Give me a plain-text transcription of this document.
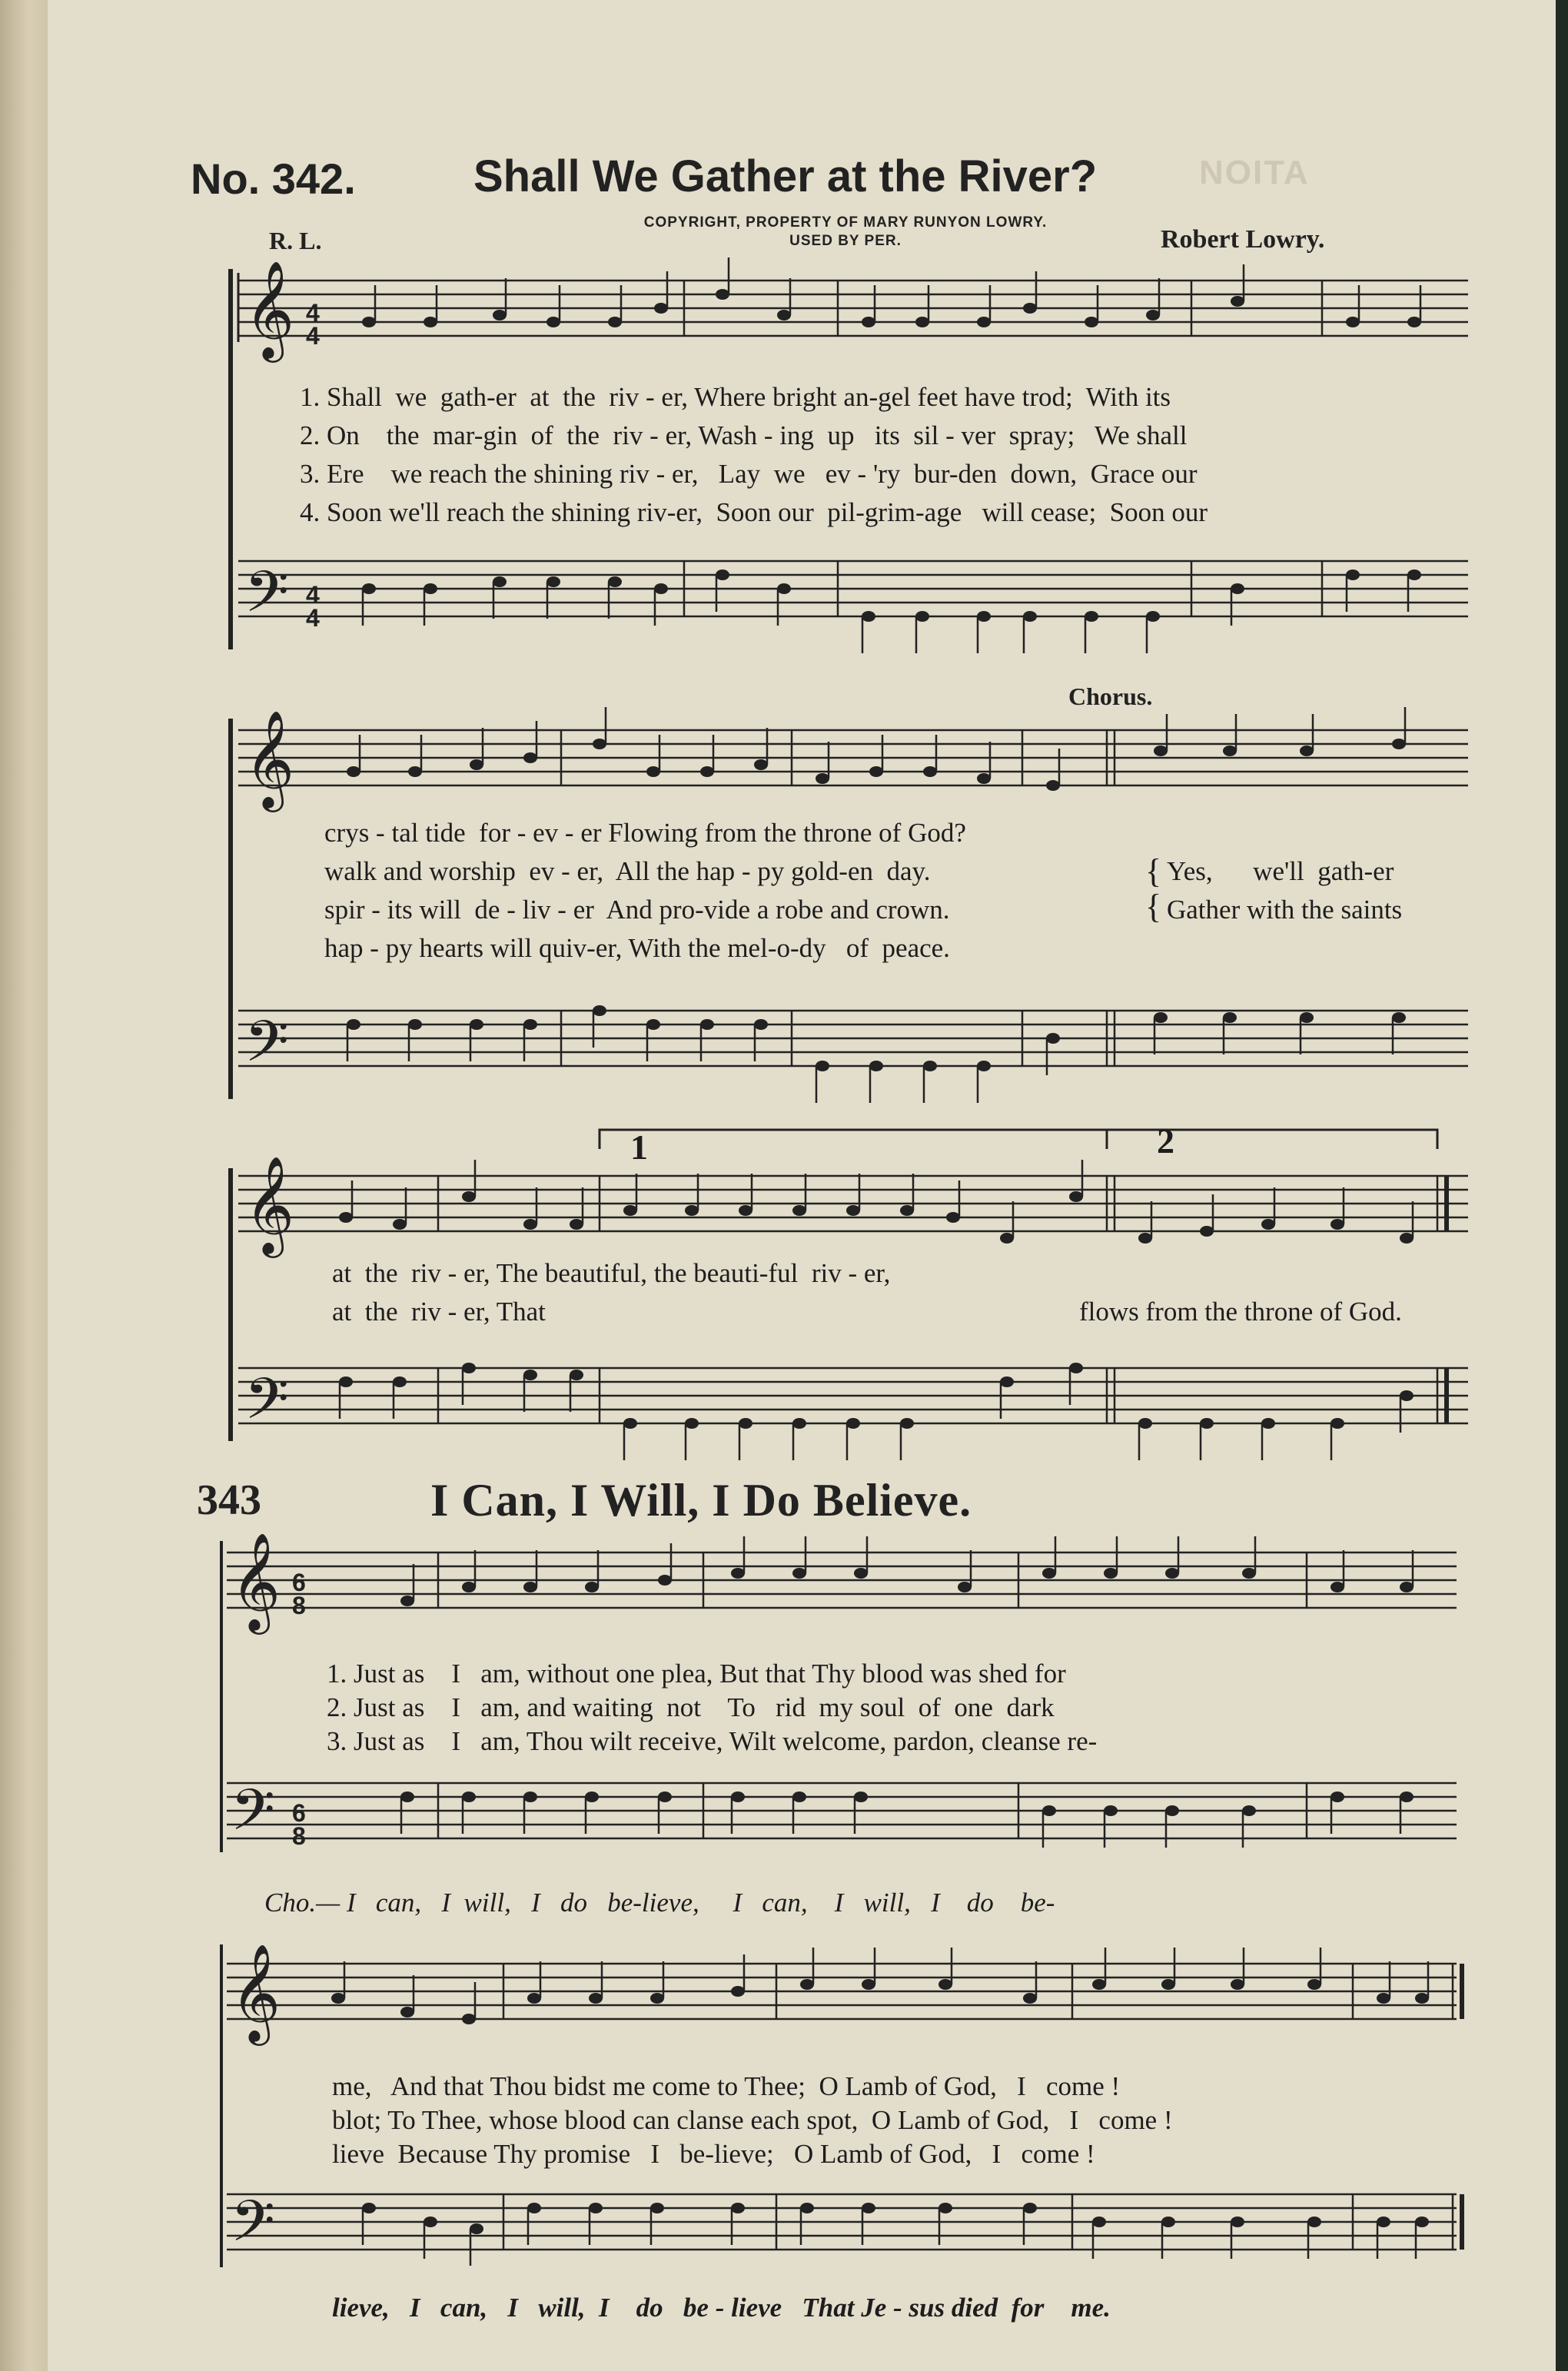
NOITA
No. 342.	Shall We Gather at the River?
COPYRIGHT, PROPERTY OF MARY RUNYON LOWRY.
USED BY PER.
R. L.	Robert Lowry.
𝄞
𝄢
4
4
4
4
𝄞
𝄢
𝄞
𝄢
𝄞
𝄢
6
8
6
8
𝄞
𝄢
1. Shall  we  gath-er  at  the  riv - er, Where bright an-gel feet have trod;  With its
2. On    the  mar-gin  of  the  riv - er, Wash - ing  up   its  sil - ver  spray;   We shall
3. Ere    we reach the shining riv - er,   Lay  we   ev - 'ry  bur-den  down,  Grace our
4. Soon we'll reach the shining riv-er,  Soon our  pil-grim-age   will cease;  Soon our
Chorus.
crys - tal tide  for - ev - er Flowing from the throne of God?
walk and worship  ev - er,  All the hap - py gold-en  day.
spir - its will  de - liv - er  And pro-vide a robe and crown.
hap - py hearts will quiv-er, With the mel-o-dy   of  peace.
{
{
Yes,      we'll  gath-er
Gather with the saints
1	2
at  the  riv - er, The beautiful, the beauti-ful  riv - er,
at  the  riv - er, That	flows from the throne of God.
343	I Can, I Will, I Do Believe.
1. Just as    I   am, without one plea, But that Thy blood was shed for
2. Just as    I   am, and waiting  not    To   rid  my soul  of  one  dark
3. Just as    I   am, Thou wilt receive, Wilt welcome, pardon, cleanse re-
Cho.— I   can,   I  will,   I   do   be-lieve,     I   can,    I   will,   I    do    be-
me,   And that Thou bidst me come to Thee;  O Lamb of God,   I   come !
blot; To Thee, whose blood can clanse each spot,  O Lamb of God,   I   come !
lieve  Because Thy promise   I   be-lieve;   O Lamb of God,   I   come !
lieve,   I   can,   I   will,  I    do   be - lieve   That Je - sus died  for    me.
